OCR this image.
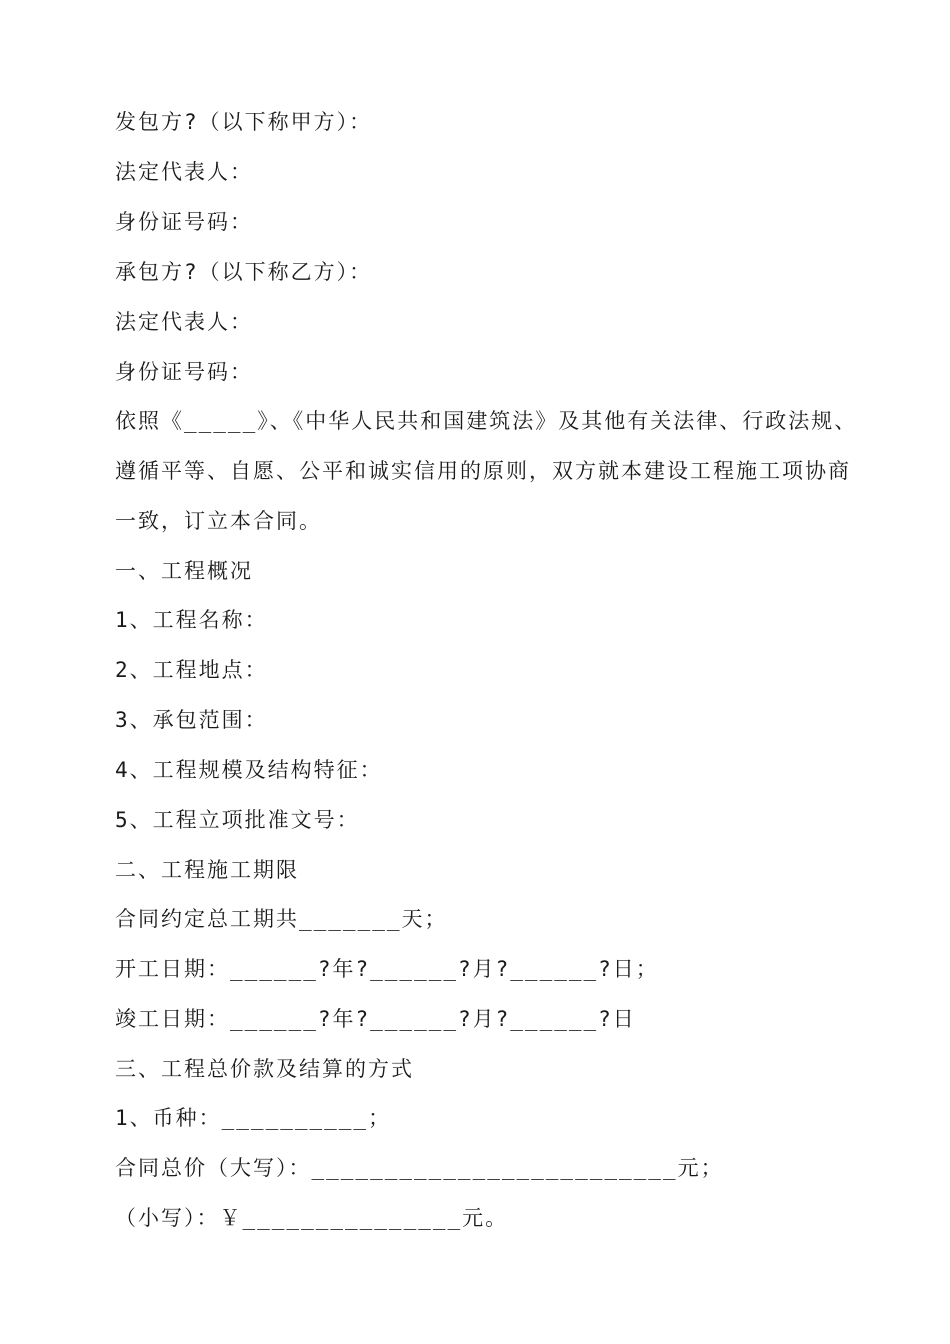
发包方?（以下称甲方）：
法定代表人：
身份证号码：
承包方?（以下称乙方）：
法定代表人：
身份证号码：
依照《_____》、《中华人民共和国建筑法》及其他有关法律、行政法规、
遵循平等、自愿、公平和诚实信用的原则，双方就本建设工程施工项协商
一致，订立本合同。
一、工程概况
1、工程名称：
2、工程地点：
3、承包范围：
4、工程规模及结构特征：
5、工程立项批准文号：
二、工程施工期限
合同约定总工期共_______天；
开工日期：______?年?______?月?______?日；
竣工日期：______?年?______?月?______?日
三、工程总价款及结算的方式
1、币种：__________；
合同总价（大写）：_________________________元；
（小写）：￥_______________元。
